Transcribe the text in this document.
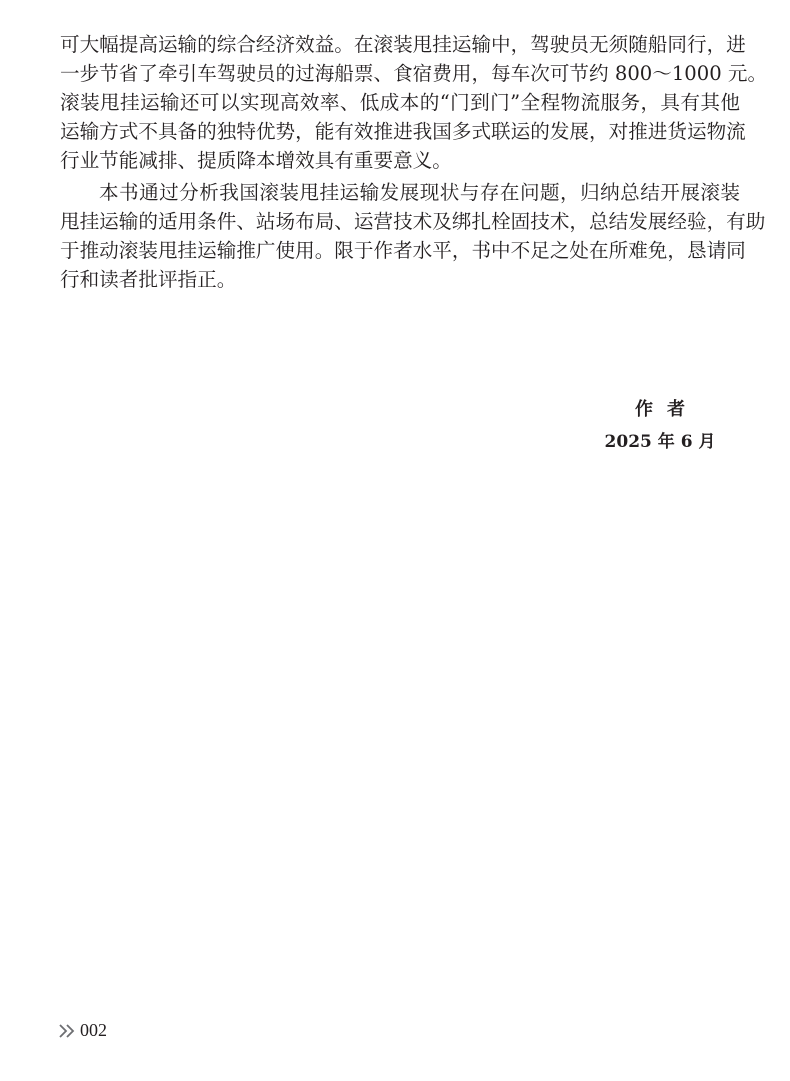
可大幅提高运输的综合经济效益。在滚装甩挂运输中，驾驶员无须随船同行，进
一步节省了牵引车驾驶员的过海船票、食宿费用，每车次可节约 800～1000 元。
滚装甩挂运输还可以实现高效率、低成本的“门到门”全程物流服务，具有其他
运输方式不具备的独特优势，能有效推进我国多式联运的发展，对推进货运物流
行业节能减排、提质降本增效具有重要意义。
本书通过分析我国滚装甩挂运输发展现状与存在问题，归纳总结开展滚装
甩挂运输的适用条件、站场布局、运营技术及绑扎栓固技术，总结发展经验，有助
于推动滚装甩挂运输推广使用。限于作者水平，书中不足之处在所难免，恳请同
行和读者批评指正。
作者
2025 年 6 月
002
